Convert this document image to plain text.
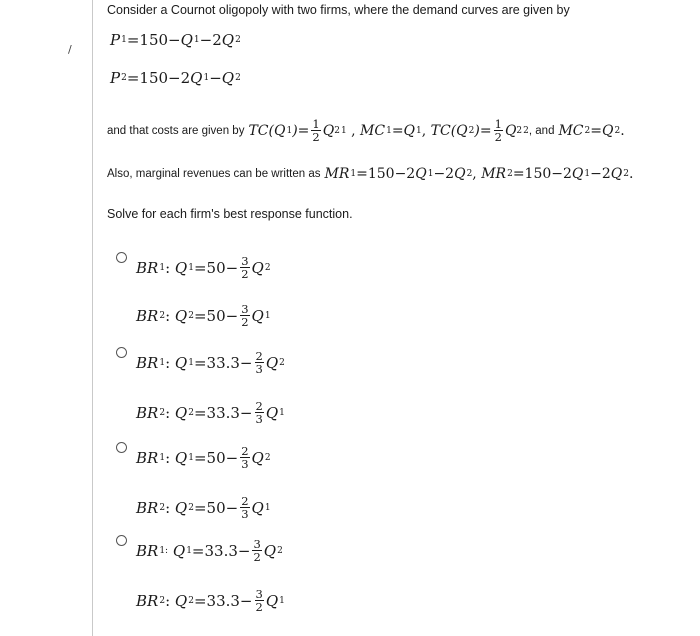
/
Consider a Cournot oligopoly with two firms, where the demand curves are given by
P 1 =150− Q 1 −2 Q 2
P 2 =150−2 Q 1 − Q 2
and that costs are given by TC(Q 1 ) = $\frac{1}{2}$ Q 2 1 , MC 1 = Q 1 , TC(Q 2 ) = $\frac{1}{2}$ Q 2 2 , and MC 2 = Q 2 .
Also, marginal revenues can be written as MR 1 =150−2 Q 1 −2 Q 2 , MR 2 =150−2 Q 1 −2 Q 2 .
Solve for each firm's best response function.
BR 1 :
Q $1 =50- \frac{3}{2}$ Q 2
BR 2 :
Q $2 =50- \frac{3}{2}$ Q 1
BR 1 :
Q $1 =33.3- \frac{2}{3}$ Q 2
BR 2 :
Q $2 =33.3- \frac{2}{3}$ Q 1
BR 1 :
Q $1 =50- \frac{2}{3}$ Q 2
BR 2 :
Q $2 =50- \frac{2}{3}$ Q 1
BR 1:
Q $1 =33.3- \frac{3}{2}$ Q 2
BR 2 :
Q $2 =33.3- \frac{3}{2}$ Q 1
